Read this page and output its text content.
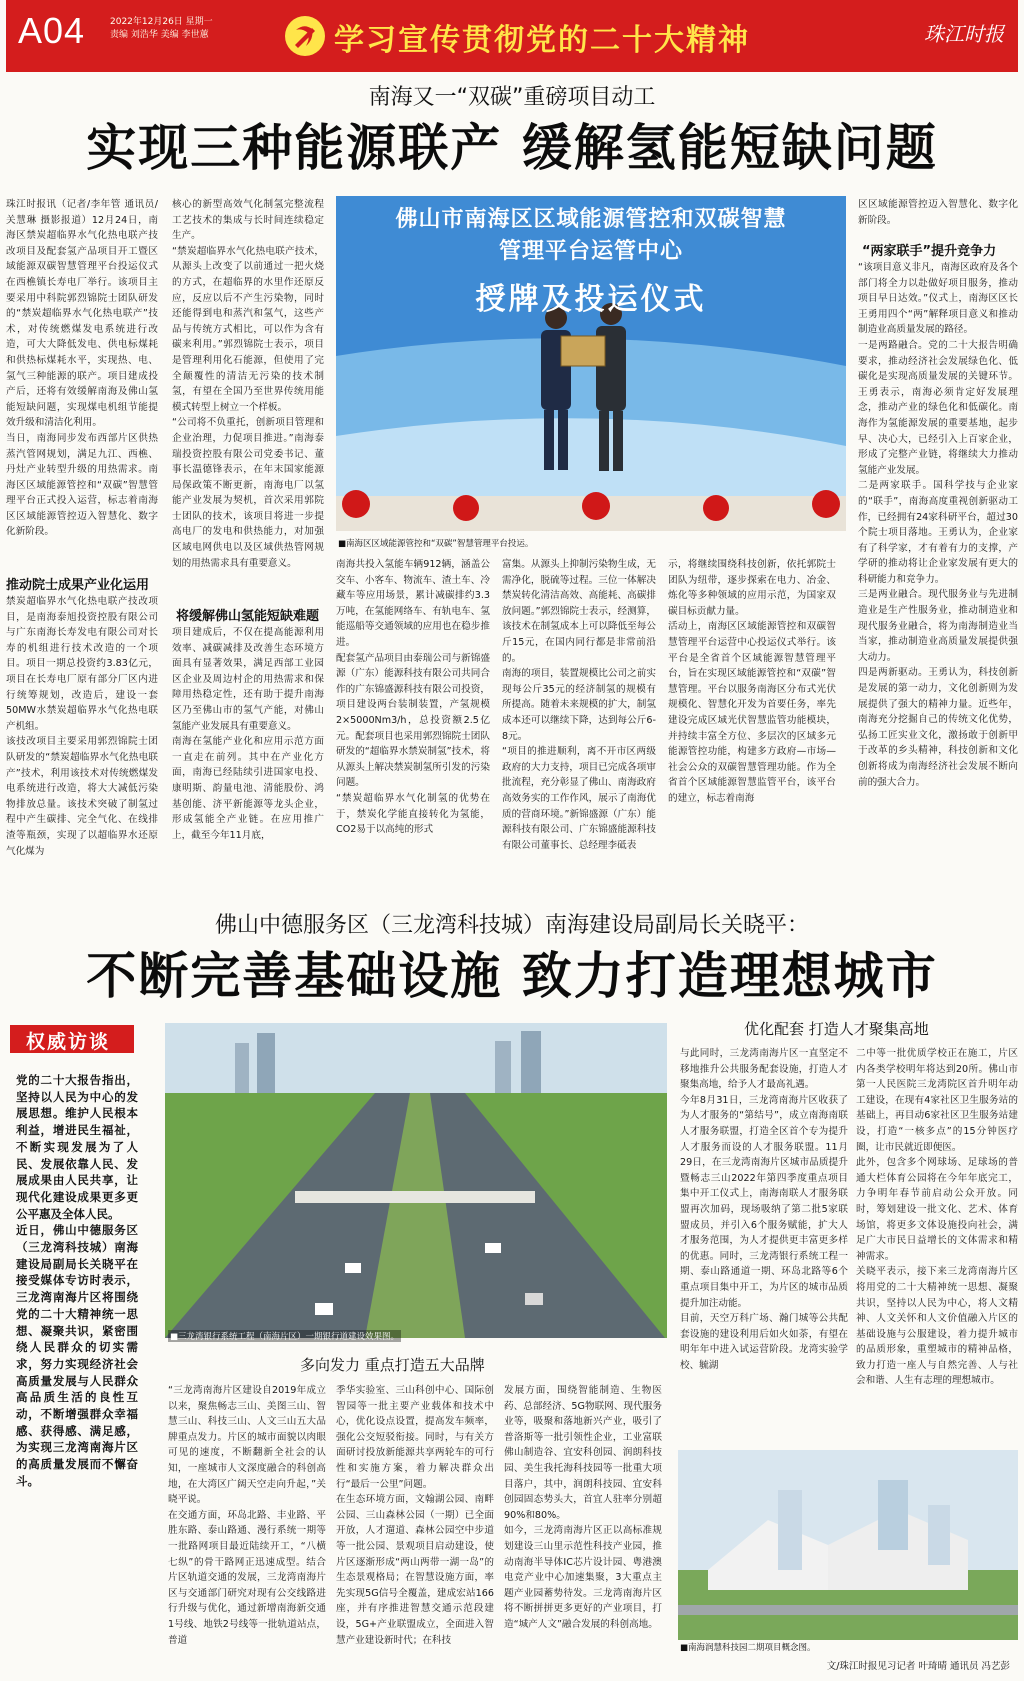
A04	2022年12月26日 星期一
责编 刘浩华 美编 李世蕙	学习宣传贯彻党的二十大精神	珠江时报
南海又一“双碳”重磅项目动工
实现三种能源联产 缓解氢能短缺问题
珠江时报讯（记者/李年管 通讯员/关慧琳 摄影报道）12月24日，南海区禁炭超临界水气化热电联产技改项目及配套氢产品项目开工暨区域能源双碳智慧管理平台投运仪式在西樵镇长寿电厂举行。该项目主要采用中科院郭烈锦院士团队研发的“禁炭超临界水气化热电联产”技术，对传统燃煤发电系统进行改造，可大大降低发电、供电标煤耗和供热标煤耗水平，实现热、电、氢气三种能源的联产。项目建成投产后，还将有效缓解南海及佛山氢能短缺问题，实现煤电机组节能提效升级和清洁化利用。
当日，南海同步发布西部片区供热蒸汽管网规划，满足九江、西樵、丹灶产业转型升级的用热需求。南海区区域能源管控和“双碳”智慧管理平台正式投入运营，标志着南海区区域能源管控迈入智慧化、数字化新阶段。
推动院士成果产业化运用
禁炭超临界水气化热电联产技改项目，是南海泰旭投资控股有限公司与广东南海长寿发电有限公司对长寿的机组进行技术改造的一个项目。项目一期总投资约3.83亿元，项目在长寿电厂原有部分厂区内进行统筹规划，改造后，建设一套50MW水禁炭超临界水气化热电联产机组。
该技改项目主要采用郭烈锦院士团队研发的“禁炭超临界水气化热电联产”技术，利用该技术对传统燃煤发电系统进行改造，将大大减低污染物排放总量。该技术突破了制氢过程中产生碳排、完全气化、在线排渣等瓶颈，实现了以超临界水还原气化煤为
核心的新型高效气化制氢完整流程工艺技术的集成与长时间连续稳定生产。
“禁炭超临界水气化热电联产技术，从源头上改变了以前通过一把火烧的方式，在超临界的水里作还原反应，反应以后不产生污染物，同时还能得到电和蒸汽和氢气，这些产品与传统方式相比，可以作为含有碳来利用。”郭烈锦院士表示，项目是管理利用化石能源，但使用了完全颠覆性的清洁无污染的技术制氢，有望在全国乃至世界传统用能模式转型上树立一个样板。
“公司将不负重托，创新项目管理和企业治理，力促项目推进。”南海泰瑞投资控股有限公司党委书记、董事长温德锋表示，在年末国家能源局保政策不断更新，南海电厂以氢能产业发展为契机，首次采用郭院士团队的技术，该项目将进一步提高电厂的发电和供热能力，对加强区域电网供电以及区域供热管网规划的用热需求具有重要意义。
将缓解佛山氢能短缺难题
项目建成后，不仅在提高能源利用效率、减碳减排及改善生态环境方面具有显著效果，满足西部工业园区企业及周边村企的用热需求和保障用热稳定性，还有助于提升南海区乃至佛山市的氢气产能，对佛山氢能产业发展具有重要意义。
南海在氢能产业化和应用示范方面一直走在前列。其中在产业化方面，南海已经陆续引进国家电投、康明斯、韵量电池、清能股份、鸿基创能、济平新能源等龙头企业，形成氢能全产业链。在应用推广上，截至今年11月底，
佛山市南海区区域能源管控和双碳智慧
管理平台运管中心
授牌及投运仪式
■南海区区域能源管控和“双碳”智慧管理平台投运。
南海共投入氢能车辆912辆，涵盖公交车、小客车、物流车、渣土车、冷藏车等应用场景，累计减碳排约3.3万吨，在氢能网络车、有轨电车、氢能巡船等交通领域的应用也在稳步推进。
配套氢产品项目由泰瑞公司与新锦盛源（广东）能源科技有限公司共同合作的广东锦盛源科技有限公司投资，项目建设两台装制装置，产氢规模2×5000Nm3/h，总投资额2.5亿元。配套项目也采用郭烈锦院士团队研发的“超临界水禁炭制氢”技术，将从源头上解决禁炭制氢所引发的污染问题。
“禁炭超临界水气化制氢的优势在于，禁炭化学能直接转化为氢能，CO2易于以高纯的形式
富集。从源头上抑制污染物生成，无需净化，脱硫等过程。三位一体解决禁炭转化清洁高效、高能耗、高碳排放问题。”郭烈锦院士表示，经测算，该技术在制氢成本上可以降低至每公斤15元，在国内同行都是非常前沿的。
南海的项目，装置规模比公司之前实现每公斤35元的经济制氢的规模有所提高。随着未来规模的扩大，制氢成本还可以继续下降，达到每公斤6-8元。
“项目的推进顺利，离不开市区两级政府的大力支持，项目已完成各项审批流程，充分彰显了佛山、南海政府高效务实的工作作风，展示了南海优质的营商环境。”新锦盛源（广东）能源科技有限公司、广东锦盛能源科技有限公司董事长、总经理李砥表
示，将继续围绕科技创新，依托郭院士团队为纽带，逐步探索在电力、冶金、炼化等多种领域的应用示范，为国家双碳目标贡献力量。
活动上，南海区区域能源管控和双碳智慧管理平台运营中心投运仪式举行。该平台是全省首个区域能源智慧管理平台，旨在实现区域能源管控和“双碳”智慧管理。平台以服务南海区分布式光伏规模化、智慧化开发为首要任务，率先建设完成区域光伏智慧监管功能模块，并持续丰富全方位、多层次的区域多元能源管控功能，构建多方政府—市场—社会公众的双碳智慧管理功能。作为全省首个区域能源智慧监管平台，该平台的建立，标志着南海
区区域能源管控迈入智慧化、数字化新阶段。
“两家联手”提升竞争力
“该项目意义非凡，南海区政府及各个部门将全力以赴做好项目服务，推动项目早日达效。”仪式上，南海区区长王勇用四个“两”解释项目意义和推动制造业高质量发展的路径。
一是两路融合。党的二十大报告明确要求，推动经济社会发展绿色化、低碳化是实现高质量发展的关键环节。王勇表示，南海必须肯定好发展理念，推动产业的绿色化和低碳化。南海作为氢能源发展的重要基地，起步早、决心大，已经引入上百家企业，形成了完整产业链，将继续大力推动氢能产业发展。
二是两家联手。国科学技与企业家的“联手”，南海高度重视创新驱动工作，已经拥有24家科研平台，超过30个院士项目落地。王勇认为，企业家有了科学家，才有着有力的支撑，产学研的推动将让企业家发展有更大的科研能力和竞争力。
三是两业融合。现代服务业与先进制造业是生产性服务业，推动制造业和现代服务业融合，将为南海制造业当当家，推动制造业高质量发展提供强大动力。
四是两新驱动。王勇认为，科技创新是发展的第一动力，文化创新则为发展提供了强大的精神力量。近些年，南海充分挖掘自己的传统文化优势，弘扬工匠实业文化，激扬敢于创新甲于改革的乡头精神，科技创新和文化创新将成为南海经济社会发展不断向前的强大合力。
佛山中德服务区（三龙湾科技城）南海建设局副局长关晓平：
不断完善基础设施 致力打造理想城市
权威访谈
党的二十大报告指出，坚持以人民为中心的发展思想。维护人民根本利益，增进民生福祉，不断实现发展为了人民、发展依靠人民、发展成果由人民共享，让现代化建设成果更多更公平惠及全体人民。
近日，佛山中德服务区（三龙湾科技城）南海建设局副局长关晓平在接受媒体专访时表示，三龙湾南海片区将围绕党的二十大精神统一思想、凝聚共识，紧密围绕人民群众的切实需求，努力实现经济社会高质量发展与人民群众高品质生活的良性互动，不断增强群众幸福感、获得感、满足感，为实现三龙湾南海片区的高质量发展而不懈奋斗。
■三龙湾银行系统工程（南海片区）一期银行道建设效果图。
多向发力 重点打造五大品牌
“三龙湾南海片区建设自2019年成立以来，聚焦畅志三山、美图三山、智慧三山、科技三山、人文三山五大品牌重点发力。片区的城市面貌以肉眼可见的速度，不断翻新全社会的认知，一座城市人文深度融合的科创高地，在大湾区广阔天空走向升起，”关晓平说。
在交通方面，环岛北路、丰业路、平胜东路、泰山路通、漫行系统一期等一批路网项目最近陆续开工，“八横七纵”的骨干路网正迅速成型。结合片区轨道交通的发展，三龙湾南海片区与交通部门研究对现有公交线路进行升级与优化，通过新增南海新交通1号线、地铁2号线等一批轨道站点，普道
季华实验室、三山科创中心、国际创智园等一批主要产业载体和技术中心，优化设点设置，提高发车频率，强化公交短驳衔接。同时，与有关方面研讨投放新能源共享两轮车的可行性和实施方案，着力解决群众出行“最后一公里”问题。
在生态环境方面，文翰湖公园、南畔公园、三山森林公园（一期）已全面开放，人才遛道、森林公园空中步道等一批公园、景观项目启动建设，使片区逐渐形成“两山两带一湖一岛”的生态景观格局；在智慧设施方面，率先实现5G信号全覆盖，建成宏站166座，并有序推进智慧交通示范段建设，5G+产业联盟成立，全面进入智慧产业建设新时代；在科技
发展方面，围绕智能制造、生物医药、总部经济、5G物联网、现代服务业等，吸聚和落地新兴产业，吸引了普洛斯等一批引领性企业，工业富联佛山制造谷、宜安科创园、润朗科技园、美生我托海科技园等一批重大项目落户，其中，润朗科技园、宜安科创园固态势头大，首宜人驻率分别超90%和80%。
如今，三龙湾南海片区正以高标准规划建设三山里示范性科技产业园，推动南海半导体IC芯片设计园、粤港澳电竞产业中心加速集聚，3大重点主题产业园蓄势待发。三龙湾南海片区将不断拼拼更多更好的产业项目，打造“城产人文”融合发展的科创高地。
优化配套 打造人才聚集高地
与此同时，三龙湾南海片区一直坚定不移地推升公共服务配套设施，打造人才聚集高地，给予人才最高礼遇。
今年8月31日，三龙湾南海片区收获了为人才服务的“第结号”，成立南海南联人才服务联盟，打造全区首个专为提升人才服务而设的人才服务联盟。11月29日，在三龙湾南海片区城市品质提升暨畅志三山2022年第四季度重点项目集中开工仪式上，南海南联人才服务联盟再次加码，现场吸纳了第二批5家联盟成员，并引入6个服务赋能，扩大人才服务范围，为人才提供更丰富更多样的优惠。同时，三龙湾银行系统工程一期、泰山路通道一期、环岛北路等6个重点项目集中开工，为片区的城市品质提升加注动能。
目前，天空万科广场、瀚门城等公共配套设施的建设利用后如火如荼，有望在明年年中进入试运营阶段。龙湾实验学校、毓湖
二中等一批优质学校正在施工，片区内各类学校明年将达到20所。佛山市第一人民医院三龙湾院区首升明年动工建设，在现有4家社区卫生服务站的基础上，再目动6家社区卫生服务站建设，打造“一核多点”的15分钟医疗圈，让市民就近即便医。
此外，包含多个网球场、足球场的普通大栏体育公园将在今年年底完工，力争明年春节前启动公众开放。同时，筹划建设一批文化、艺术、体育场馆，将更多文体设施投向社会，满足广大市民日益增长的文体需求和精神需求。
关晓平表示，接下来三龙湾南海片区将用党的二十大精神统一思想、凝聚共识，坚持以人民为中心，将人文精神、人文关怀和人文价值融入片区的基础设施与公服建设，着力提升城市的品质形象，重塑城市的精神品格，致力打造一座人与自然完善、人与社会和谐、人生有志理的理想城市。
■南海润慧科技园二期项目概念图。
文/珠江时报见习记者 叶琦晴 通讯员 冯艺彭
